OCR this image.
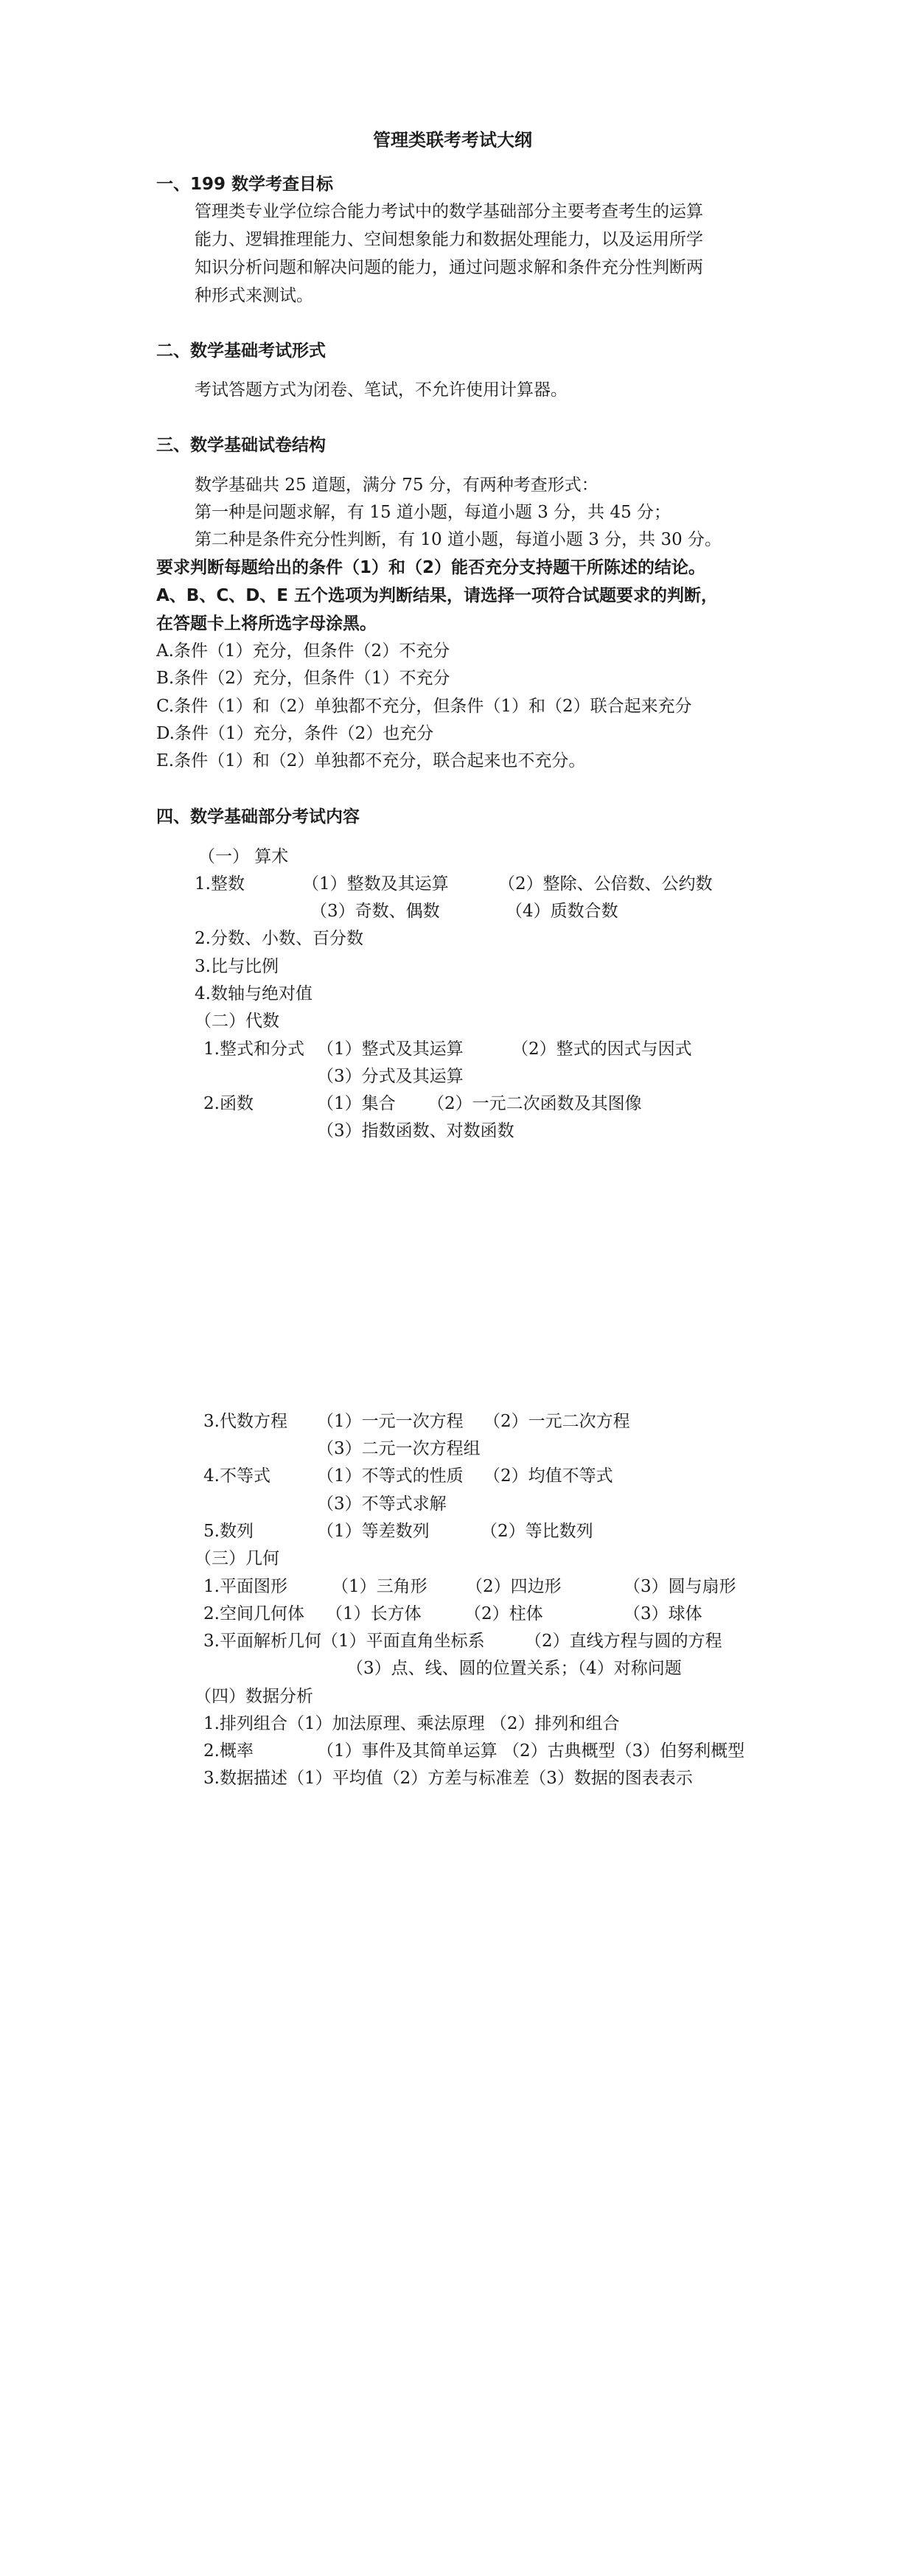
管理类联考考试大纲
一、199 数学考查目标
管理类专业学位综合能力考试中的数学基础部分主要考查考生的运算
能力、逻辑推理能力、空间想象能力和数据处理能力，以及运用所学
知识分析问题和解决问题的能力，通过问题求解和条件充分性判断两
种形式来测试。
二、数学基础考试形式
考试答题方式为闭卷、笔试，不允许使用计算器。
三、数学基础试卷结构
数学基础共 25 道题，满分 75 分，有两种考查形式：
第一种是问题求解，有 15 道小题，每道小题 3 分，共 45 分；
第二种是条件充分性判断，有 10 道小题，每道小题 3 分，共 30 分。
要求判断每题给出的条件（1）和（2）能否充分支持题干所陈述的结论。
A、B、C、D、E 五个选项为判断结果，请选择一项符合试题要求的判断，
在答题卡上将所选字母涂黑。
A.条件（1）充分，但条件（2）不充分
B.条件（2）充分，但条件（1）不充分
C.条件（1）和（2）单独都不充分，但条件（1）和（2）联合起来充分
D.条件（1）充分，条件（2）也充分
E.条件（1）和（2）单独都不充分，联合起来也不充分。
四、数学基础部分考试内容
（一） 算术
1.整数	（1）整数及其运算	（2）整除、公倍数、公约数
（3）奇数、偶数	（4）质数合数
2.分数、小数、百分数
3.比与比例
4.数轴与绝对值
（二）代数
1.整式和分式 （1）整式及其运算	（2）整式的因式与因式
（3）分式及其运算
2.函数	（1）集合 （2）一元二次函数及其图像
（3）指数函数、对数函数
3.代数方程 （1）一元一次方程 （2）一元二次方程
（3）二元一次方程组
4.不等式	（1）不等式的性质 （2）均值不等式
（3）不等式求解
5.数列	（1）等差数列	（2）等比数列
（三）几何
1.平面图形	（1）三角形 （2）四边形	（3）圆与扇形
2.空间几何体 （1）长方体	（2）柱体	（3）球体
3.平面解析几何（1）平面直角坐标系 （2）直线方程与圆的方程
（3）点、线、圆的位置关系；（4）对称问题
（四）数据分析
1.排列组合（1）加法原理、乘法原理 （2）排列和组合
2.概率	（1）事件及其简单运算 （2）古典概型（3）伯努利概型
3.数据描述（1）平均值（2）方差与标准差（3）数据的图表表示
